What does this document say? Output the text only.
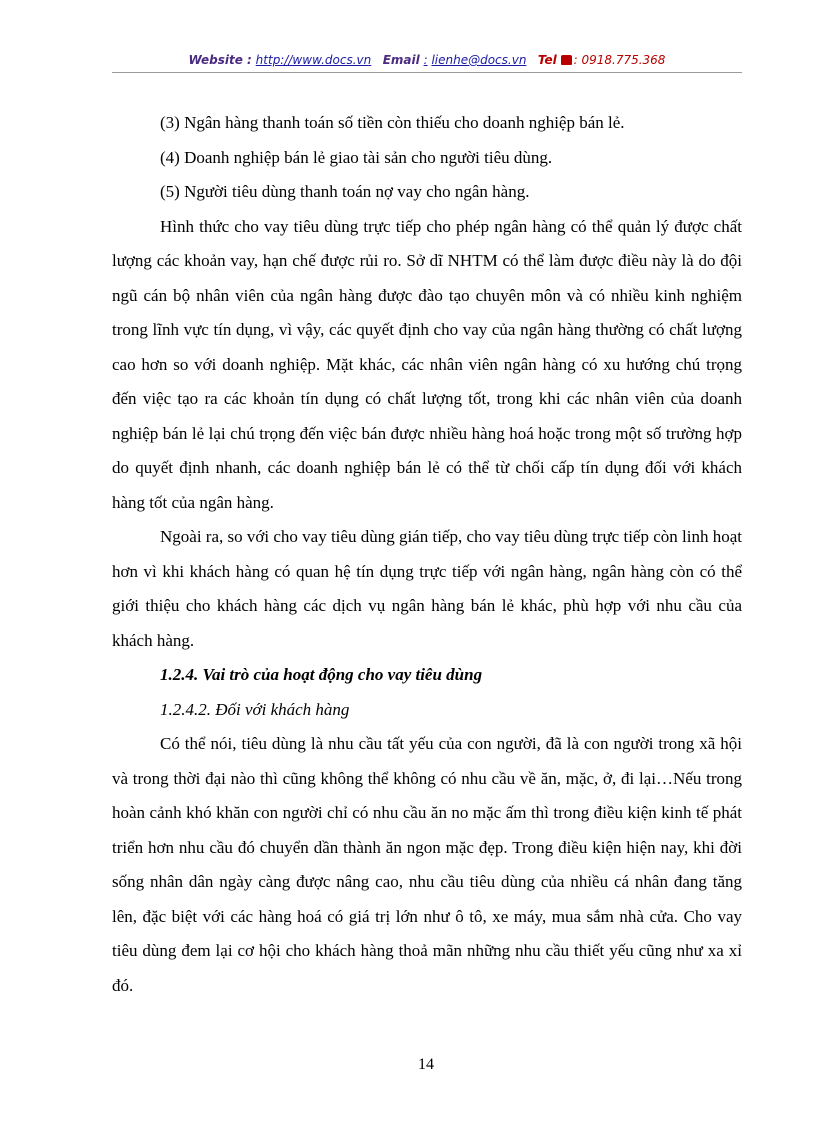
Website : http://www.docs.vn Email : lienhe@docs.vn Tel : 0918.775.368

(3) Ngân hàng thanh toán số tiền còn thiếu cho doanh nghiệp bán lẻ.

(4) Doanh nghiệp bán lẻ giao tài sản cho người tiêu dùng.

(5) Người tiêu dùng thanh toán nợ vay cho ngân hàng.

Hình thức cho vay tiêu dùng trực tiếp cho phép ngân hàng có thể quản lý được chất lượng các khoản vay, hạn chế được rủi ro. Sở dĩ NHTM có thể làm được điều này là do đội ngũ cán bộ nhân viên của ngân hàng được đào tạo chuyên môn và có nhiều kinh nghiệm trong lĩnh vực tín dụng, vì vậy, các quyết định cho vay của ngân hàng thường có chất lượng cao hơn so với doanh nghiệp. Mặt khác, các nhân viên ngân hàng có xu hướng chú trọng đến việc tạo ra các khoản tín dụng có chất lượng tốt, trong khi các nhân viên của doanh nghiệp bán lẻ lại chú trọng đến việc bán được nhiều hàng hoá hoặc trong một số trường hợp do quyết định nhanh, các doanh nghiệp bán lẻ có thể từ chối cấp tín dụng đối với khách hàng tốt của ngân hàng.

Ngoài ra, so với cho vay tiêu dùng gián tiếp, cho vay tiêu dùng trực tiếp còn linh hoạt hơn vì khi khách hàng có quan hệ tín dụng trực tiếp với ngân hàng, ngân hàng còn có thể giới thiệu cho khách hàng các dịch vụ ngân hàng bán lẻ khác, phù hợp với nhu cầu của khách hàng.

1.2.4. Vai trò của hoạt động cho vay tiêu dùng

1.2.4.2. Đối với khách hàng

Có thể nói, tiêu dùng là nhu cầu tất yếu của con người, đã là con người trong xã hội và trong thời đại nào thì cũng không thể không có nhu cầu về ăn, mặc, ở, đi lại…Nếu trong hoàn cảnh khó khăn con người chỉ có nhu cầu ăn no mặc ấm thì trong điều kiện kinh tế phát triển hơn nhu cầu đó chuyển dần thành ăn ngon mặc đẹp. Trong điều kiện hiện nay, khi đời sống nhân dân ngày càng được nâng cao, nhu cầu tiêu dùng của nhiều cá nhân đang tăng lên, đặc biệt với các hàng hoá có giá trị lớn như ô tô, xe máy, mua sắm nhà cửa. Cho vay tiêu dùng đem lại cơ hội cho khách hàng thoả mãn những nhu cầu thiết yếu cũng như xa xỉ đó.

14
